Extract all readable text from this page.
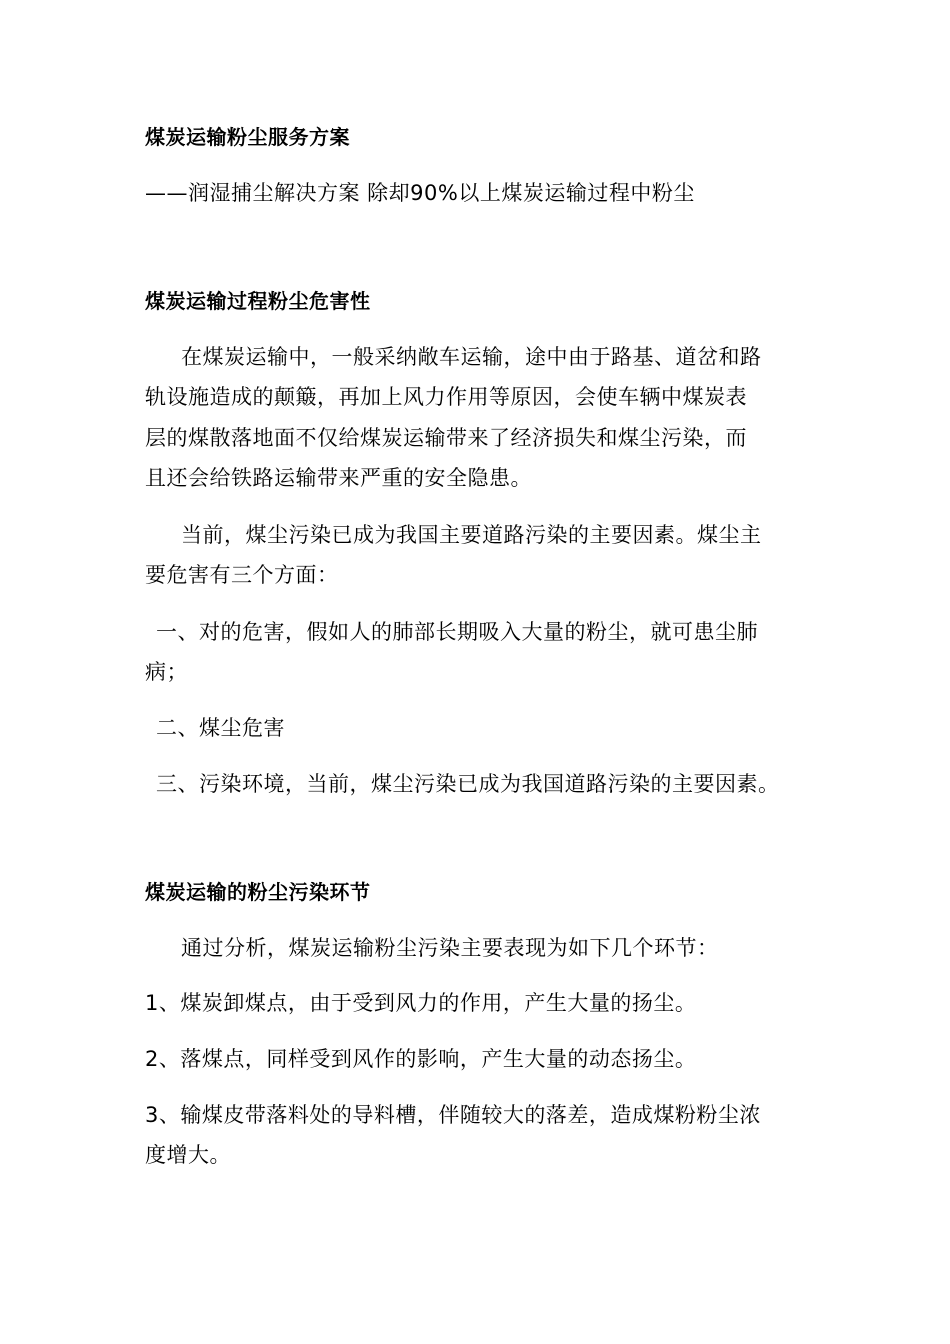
煤炭运输粉尘服务方案
——润湿捕尘解决方案 除却90%以上煤炭运输过程中粉尘
煤炭运输过程粉尘危害性
在煤炭运输中，一般采纳敞车运输，途中由于路基、道岔和路
轨设施造成的颠簸，再加上风力作用等原因，会使车辆中煤炭表
层的煤散落地面不仅给煤炭运输带来了经济损失和煤尘污染，而
且还会给铁路运输带来严重的安全隐患。
当前，煤尘污染已成为我国主要道路污染的主要因素。煤尘主
要危害有三个方面：
一、对的危害，假如人的肺部长期吸入大量的粉尘，就可患尘肺
病；
二、煤尘危害
三、污染环境，当前，煤尘污染已成为我国道路污染的主要因素。
煤炭运输的粉尘污染环节
通过分析，煤炭运输粉尘污染主要表现为如下几个环节：
1、煤炭卸煤点，由于受到风力的作用，产生大量的扬尘。
2、落煤点，同样受到风作的影响，产生大量的动态扬尘。
3、输煤皮带落料处的导料槽，伴随较大的落差，造成煤粉粉尘浓
度增大。
